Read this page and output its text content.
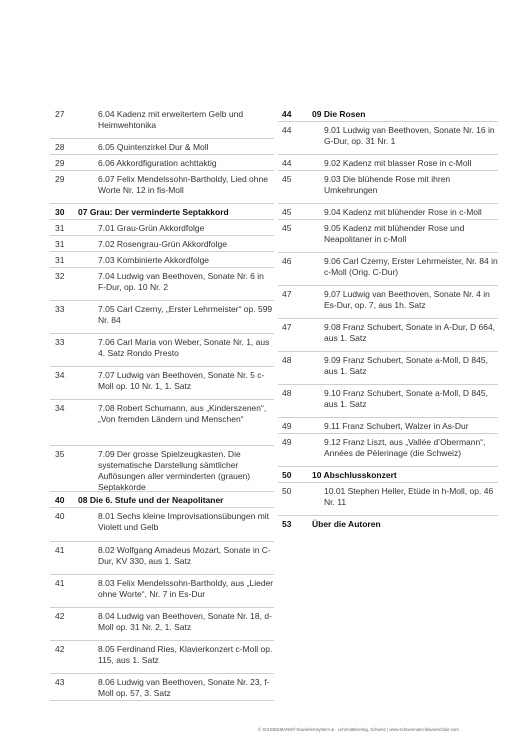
27	6.04 Kadenz mit erweitertem Gelb und Heimwehtonika
28	6.05 Quintenzirkel Dur & Moll
29	6.06 Akkordfiguration achttaktig
29	6.07 Felix Mendelssohn-Bartholdy, Lied ohne Worte Nr. 12 in fis-Moll
30	07 Grau: Der verminderte Septakkord
31	7.01 Grau-Grün Akkordfolge
31	7.02 Rosengrau-Grün Akkordfolge
31	7.03 Kombinierte Akkordfolge
32	7.04 Ludwig van Beethoven, Sonate Nr. 6 in F-Dur, op. 10 Nr. 2
33	7.05 Carl Czerny, „Erster Lehrmeister“ op. 599 Nr. 84
33	7.06 Carl Maria von Weber, Sonate Nr. 1, aus 4. Satz Rondo Presto
34	7.07 Ludwig van Beethoven, Sonate Nr. 5 c-Moll op. 10 Nr. 1, 1. Satz
34	7.08 Robert Schumann, aus „Kinderszenen“, „Von fremden Ländern und Menschen“
35	7.09 Der grosse Spielzeugkasten. Die systematische Darstellung sämtlicher Auflösungen aller verminderten (grauen) Septakkorde
40	08 Die 6. Stufe und der Neapolitaner
40	8.01 Sechs kleine Improvisationsübungen mit Violett und Gelb
41	8.02 Wolfgang Amadeus Mozart, Sonate in C-Dur, KV 330, aus 1. Satz
41	8.03 Felix Mendelssohn-Bartholdy, aus „Lieder ohne Worte“, Nr. 7 in Es-Dur
42	8.04 Ludwig van Beethoven, Sonate Nr. 18, d-Moll op. 31 Nr. 2, 1. Satz
42	8.05 Ferdinand Ries, Klavierkonzert c-Moll op. 115, aus 1. Satz
43	8.06 Ludwig van Beethoven, Sonate Nr. 23, f-Moll op. 57, 3. Satz
44	09 Die Rosen
44	9.01 Ludwig van Beethoven, Sonate Nr. 16 in G-Dur, op. 31 Nr. 1
44	9.02 Kadenz mit blasser Rose in c-Moll
45	9.03 Die blühende Rose mit ihren Umkehrungen
45	9.04 Kadenz mit blühender Rose in c-Moll
45	9.05 Kadenz mit blühender Rose und Neapolitaner in c-Moll
46	9.06 Carl Czerny, Erster Lehrmeister, Nr. 84 in c-Moll (Orig. C-Dur)
47	9.07 Ludwig van Beethoven, Sonate Nr. 4 in Es-Dur, op. 7, aus 1h. Satz
47	9.08 Franz Schubert, Sonate in A-Dur, D 664, aus 1. Satz
48	9.09 Franz Schubert, Sonate a-Moll, D 845, aus 1. Satz
48	9.10 Franz Schubert, Sonate a-Moll, D 845, aus 1. Satz
49	9.11 Franz Schubert, Walzer in As-Dur
49	9.12 Franz Liszt, aus „Vallée d’Obermann“, Années de Pèlerinage (die Schweiz)
50	10 Abschlusskonzert
50	10.01 Stephen Heller, Etüde in h-Moll, op. 46 Nr. 11
53	Über die Autoren
© SCHNEEMANN® Klavierlernsystem & · Lehrmittelverlag, Schweiz | www.schneemann-klavierschule.com
